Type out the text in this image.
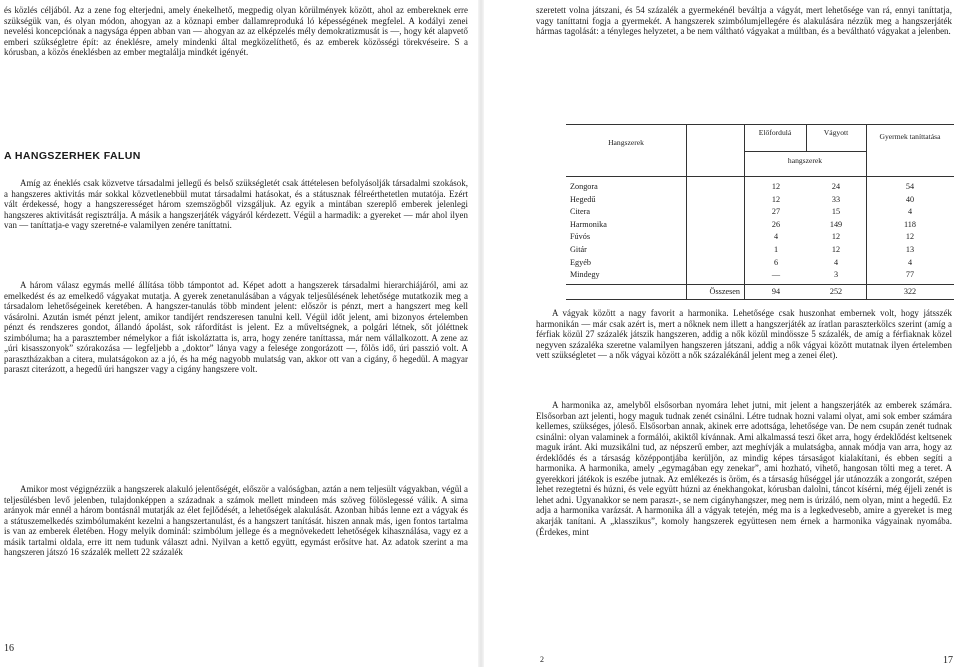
és közlés céljából. Az a zene fog elterjedni, amely énekelhető, megpedig olyan körülmények között, ahol az embereknek erre szükségük van, és olyan módon, ahogyan az a köznapi ember dallamreproduká ló képességének megfelel. A kodályi zenei nevelési koncepciónak a nagysága éppen abban van — ahogyan az az elképzelés mély demokratizmusát is —, hogy két alapvető emberi szükségletre épít: az éneklésre, amely mindenki által megközelíthető, és az emberek közösségi törekvéseire. S a kórusban, a közös éneklésben az ember megtalálja mindkét igényét.

A HANGSZERHEK FALUN

Amíg az éneklés csak közvetve társadalmi jellegű és belső szükségletét csak áttételesen befolyásolják társadalmi szokások, a hangszeres aktivitás már sokkal közvetlenebbül mutat társadalmi hatásokat, és a státusznak félreérthetetlen mutatója. Ezért vált érdekessé, hogy a hangszerességet három szemszögből vizsgáljuk. Az egyik a mintában szereplő emberek jelenlegi hangszeres aktivitását regisztrálja. A másik a hangszerjáték vágyáról kérdezett. Végül a harmadik: a gyereket — már ahol ilyen van — taníttatja-e vagy szeretné-e valamilyen zenére taníttatni.

A három válasz egymás mellé állítása több támpontot ad. Képet adott a hangszerek társadalmi hierarchiájáról, ami az emelkedést és az emelkedő vágyakat mutatja. A gyerek zenetanulásában a vágyak teljesülésének lehetősége mutatkozik meg a társadalom lehetőségeinek keretében. A hangszer-tanulás több mindent jelent: először is pénzt, mert a hangszert meg kell vásárolni. Azután ismét pénzt jelent, amikor tandíjért rendszeresen tanulni kell. Végül időt jelent, ami bizonyos értelemben pénzt és rendszeres gondot, állandó ápolást, sok ráfordítást is jelent. Ez a műveltségnek, a polgári létnek, sőt jóléttnek szimbóluma; ha a parasztember némelykor a fiát iskoláztatta is, arra, hogy zenére taníttassa, már nem vállalkozott. A zene az „úri kisasszonyok” szórakozása — legfeljebb a „doktor” lánya vagy a felesége zongorázott —, fölös idő, úri passzió volt. A parasztházakban a citera, mulatságokon az a jó, és ha még nagyobb mulatság van, akkor ott van a cigány, ő hegedül. A magyar paraszt citerázott, a hegedű úri hangszer vagy a cigány hangszere volt.

Amikor most végignézzük a hangszerek alakuló jelentőségét, először a valóságban, aztán a nem teljesült vágyakban, végül a teljesülésben levő jelenben, tulajdonképpen a századnak a számok mellett mindeen más szöveg fölöslegessé válik. A sima arányok már ennél a három bontásnál mutatják az élet fejlődését, a lehetőségek alakulását. Azonban hibás lenne ezt a vágyak és a státuszemelkedés szimbólumaként kezelni a hangszertanulást, és a hangszert tanítását. hiszen annak más, igen fontos tartalma is van az emberek életében. Hogy melyik dominál: szimbólum jellege és a megnövekedett lehetőségek kihasználása, vagy ez a másik tartalmi oldala, erre itt nem tudunk választ adni. Nyilvan a kettő együtt, egymást erősítve hat. Az adatok szerint a ma hangszeren játszó 16 százalék mellett 22 százalék

16

szeretett volna játszani, és 54 százalék a gyermekénél beváltja a vágyát, mert lehetősége van rá, ennyi taníttatja, vagy taníttatni fogja a gyermekét. A hangszerek szimbólumjellegére és alakulására nézzük meg a hangszerjáték hármas tagolását: a tényleges helyzetet, a be nem váltható vágyakat a múltban, és a beváltható vágyakat a jelenben.

Hangszerek
Előfordulá	Vágyott	Gyermek taníttatása
hangszerek
Zongora	12	24	54
Hegedű	12	33	40
Citera	27	15	4
Harmonika	26	149	118
Fúvós	4	12	12
Gitár	1	12	13
Egyéb	6	4	4
Mindegy	—	3	77
Összesen	94	252	322

A vágyak között a nagy favorit a harmonika. Lehetősége csak huszonhat embernek volt, hogy játsszék harmonikán — már csak azért is, mert a nőknek nem illett a hangszerjáték az íratlan paraszterkölcs szerint (amíg a férfiak közül 27 százalék játszik hangszeren, addig a nők közül mindössze 5 százalék, de amíg a férfiaknak közel negyven százaléka szeretne valamilyen hangszeren játszani, addig a nők vágyai között mutatnak ilyen értelemben vett szükségletet — a nők vágyai között a nők százalékánál jelent meg a zenei élet).

A harmonika az, amelyből elsősorban nyomára lehet jutni, mit jelent a hangszerjáték az emberek számára. Elsősorban azt jelenti, hogy maguk tudnak zenét csinálni. Létre tudnak hozni valami olyat, ami sok ember számára kellemes, szükséges, jóleső. Elsősorban annak, akinek erre adottsága, lehetősége van. De nem csupán zenét tudnak csinálni: olyan valaminek a formálói, akiktől kívánnak. Ami alkalmassá teszi őket arra, hogy érdeklődést keltsenek maguk iránt. Aki muzsikálni tud, az népszerű ember, azt meghívják a mulatságba, annak módja van arra, hogy az érdeklődés és a társaság középpontjába kerüljön, az mindig képes társaságot kialakítani, és ebben segíti a harmonika. A harmonika, amely „egymagában egy zenekar”, ami hozható, vihető, hangosan tölti meg a teret. A gyerekkori játékok is eszébe jutnak. Az emlékezés is öröm, és a társaság hűséggel jár utánozzák a zongorát, szépen lehet rezegtetni és húzni, és vele együtt húzni az énekhangokat, kórusban dalolni, táncot kísérni, még éjjeli zenét is lehet adni. Ugyanakkor se nem paraszt-, se nem cigányhangszer, meg nem is úrizáló, nem olyan, mint a hegedű. Ez adja a harmonika varázsát. A harmonika áll a vágyak tetején, még ma is a legkedvesebb, amire a gyereket is meg akarják tanítani. A „klasszikus”, komoly hangszerek együttesen nem érnek a harmonika vágyainak nyomába. (Érdekes, mint

2	17
